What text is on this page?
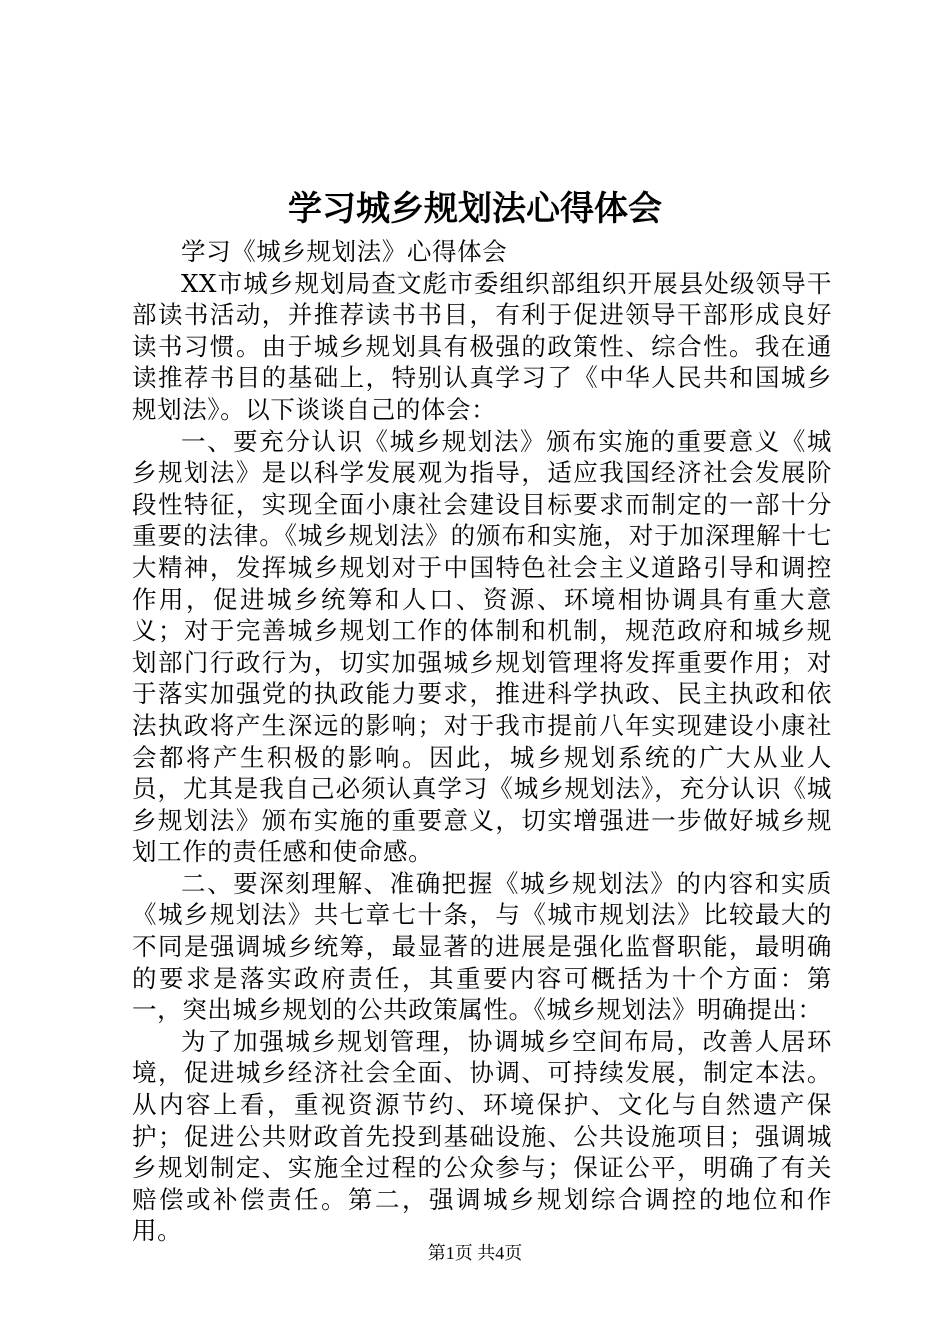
学习城乡规划法心得体会

学习《城乡规划法》心得体会

XX市城乡规划局查文彪市委组织部组织开展县处级领导干部读书活动，并推荐读书书目，有利于促进领导干部形成良好读书习惯。由于城乡规划具有极强的政策性、综合性。我在通读推荐书目的基础上，特别认真学习了《中华人民共和国城乡规划法》。以下谈谈自己的体会：

一、要充分认识《城乡规划法》颁布实施的重要意义《城乡规划法》是以科学发展观为指导，适应我国经济社会发展阶段性特征，实现全面小康社会建设目标要求而制定的一部十分重要的法律。《城乡规划法》的颁布和实施，对于加深理解十七大精神，发挥城乡规划对于中国特色社会主义道路引导和调控作用，促进城乡统筹和人口、资源、环境相协调具有重大意义；对于完善城乡规划工作的体制和机制，规范政府和城乡规划部门行政行为，切实加强城乡规划管理将发挥重要作用；对于落实加强党的执政能力要求，推进科学执政、民主执政和依法执政将产生深远的影响；对于我市提前八年实现建设小康社会都将产生积极的影响。因此，城乡规划系统的广大从业人员，尤其是我自己必须认真学习《城乡规划法》，充分认识《城乡规划法》颁布实施的重要意义，切实增强进一步做好城乡规划工作的责任感和使命感。

二、要深刻理解、准确把握《城乡规划法》的内容和实质《城乡规划法》共七章七十条，与《城市规划法》比较最大的不同是强调城乡统筹，最显著的进展是强化监督职能，最明确的要求是落实政府责任，其重要内容可概括为十个方面：第一，突出城乡规划的公共政策属性。《城乡规划法》明确提出：

为了加强城乡规划管理，协调城乡空间布局，改善人居环境，促进城乡经济社会全面、协调、可持续发展，制定本法。从内容上看，重视资源节约、环境保护、文化与自然遗产保护；促进公共财政首先投到基础设施、公共设施项目；强调城乡规划制定、实施全过程的公众参与；保证公平，明确了有关赔偿或补偿责任。第二，强调城乡规划综合调控的地位和作用。

第1页 共4页
